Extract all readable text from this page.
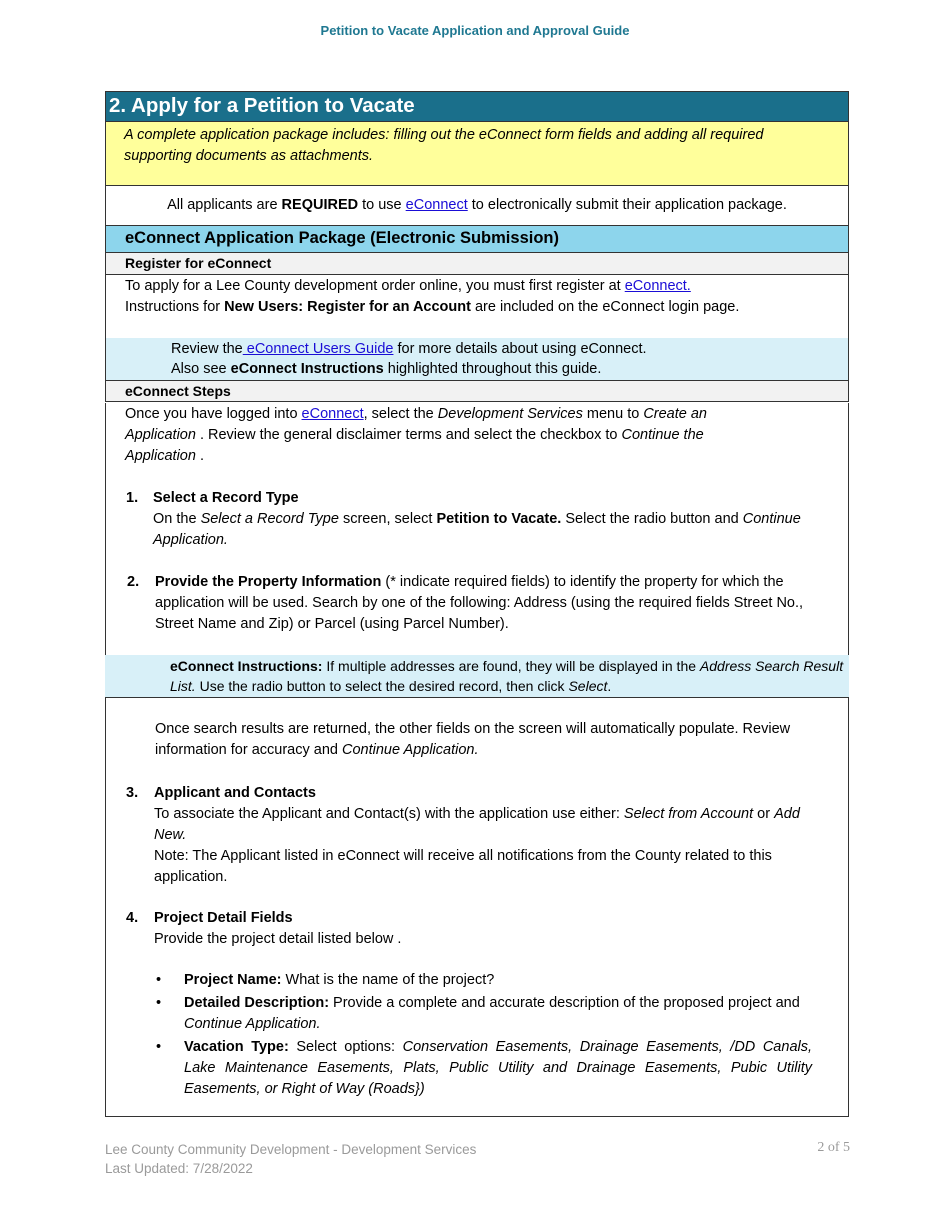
Petition to Vacate Application and Approval Guide
2. Apply for a Petition to Vacate
A complete application package includes: filling out the eConnect form fields and adding all required supporting documents as attachments.
All applicants are REQUIRED to use eConnect to electronically submit their application package.
eConnect Application Package (Electronic Submission)
Register for eConnect
To apply for a Lee County development order online, you must first register at eConnect.
Instructions for New Users: Register for an Account are included on the eConnect login page.
Review the eConnect Users Guide for more details about using eConnect.
Also see eConnect Instructions highlighted throughout this guide.
eConnect Steps
Once you have logged into eConnect, select the Development Services menu to Create an Application . Review the general disclaimer terms and select the checkbox to Continue the Application .
1. Select a Record Type
On the Select a Record Type screen, select Petition to Vacate. Select the radio button and Continue Application.
2. Provide the Property Information (* indicate required fields) to identify the property for which the application will be used. Search by one of the following: Address (using the required fields Street No., Street Name and Zip) or Parcel (using Parcel Number).
eConnect Instructions: If multiple addresses are found, they will be displayed in the Address Search Result List. Use the radio button to select the desired record, then click Select.
Once search results are returned, the other fields on the screen will automatically populate. Review information for accuracy and Continue Application.
3. Applicant and Contacts
To associate the Applicant and Contact(s) with the application use either: Select from Account or Add New.
Note: The Applicant listed in eConnect will receive all notifications from the County related to this application.
4. Project Detail Fields
Provide the project detail listed below .
• Project Name: What is the name of the project?
• Detailed Description: Provide a complete and accurate description of the proposed project and Continue Application.
• Vacation Type: Select options: Conservation Easements, Drainage Easements, /DD Canals, Lake Maintenance Easements, Plats, Public Utility and Drainage Easements, Pubic Utility Easements, or Right of Way (Roads})
Lee County Community Development - Development Services
Last Updated: 7/28/2022
2 of 5
